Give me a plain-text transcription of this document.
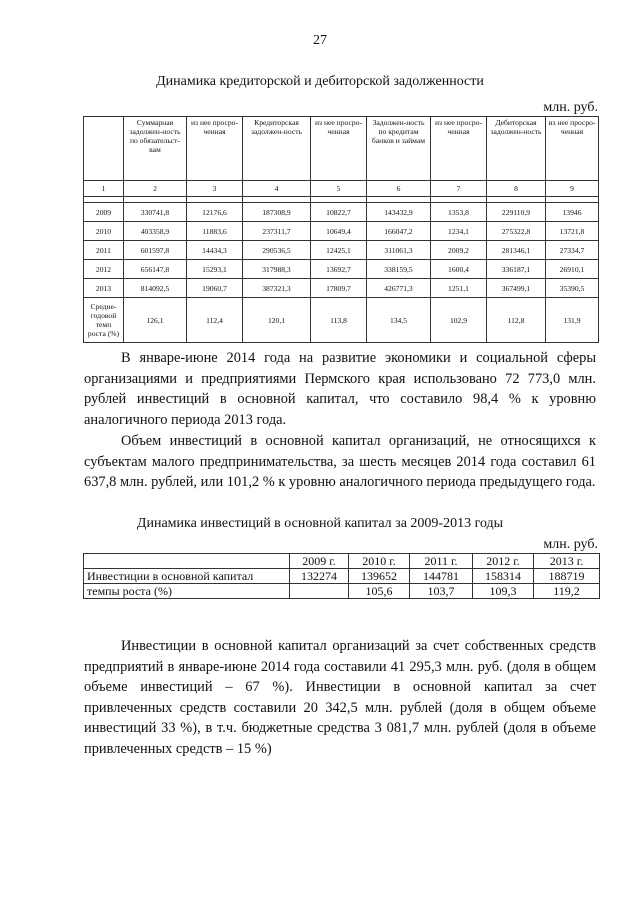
27
Динамика кредиторской и дебиторской задолженности
млн. руб.
	Суммарная задолжен-ность по обязательст-вам	из нее просро-ченная	Кредиторская задолжен-ность	из нее просро-ченная	Задолжен-ность по кредитам банков и займам	из нее просро-ченная	Дебиторская задолжен-ность	из нее просро-ченная
1	2	3	4	5	6	7	8	9

2009	330741,8	12176,6	187308,9	10822,7	143432,9	1353,8	229110,9	13946
2010	403358,9	11883,6	237311,7	10649,4	166047,2	1234,1	275322,8	13721,8
2011	601597,8	14434,3	290536,5	12425,1	311061,3	2009,2	281346,1	27334,7
2012	656147,8	15293,1	317988,3	13692,7	338159,5	1600,4	336187,1	26910,1
2013	814092,5	19060,7	387321,3	17809,7	426771,3	1251,1	367499,1	35390,5
Средне-годовой темп роста (%)	126,1	112,4	120,1	113,8	134,5	102,9	112,8	131,9

В январе-июне 2014 года на развитие экономики и социальной сферы организациями и предприятиями Пермского края использовано 72 773,0 млн. рублей инвестиций в основной капитал, что составило 98,4 % к уровню аналогичного периода 2013 года.

Объем инвестиций в основной капитал организаций, не относящихся к субъектам малого предпринимательства, за шесть месяцев 2014 года составил 61 637,8 млн. рублей, или 101,2 % к уровню аналогичного периода предыдущего года.

Динамика инвестиций в основной капитал за 2009-2013 годы
млн. руб.
	2009 г.	2010 г.	2011 г.	2012 г.	2013 г.
Инвестиции в основной капитал	132274	139652	144781	158314	188719
темпы роста (%)		105,6	103,7	109,3	119,2

Инвестиции в основной капитал организаций за счет собственных средств предприятий в январе-июне 2014 года составили 41 295,3 млн. руб. (доля в общем объеме инвестиций – 67 %). Инвестиции в основной капитал за счет привлеченных средств составили 20 342,5 млн. рублей (доля в общем объеме инвестиций 33 %), в т.ч. бюджетные средства 3 081,7 млн. рублей (доля в объеме привлеченных средств – 15 %)
